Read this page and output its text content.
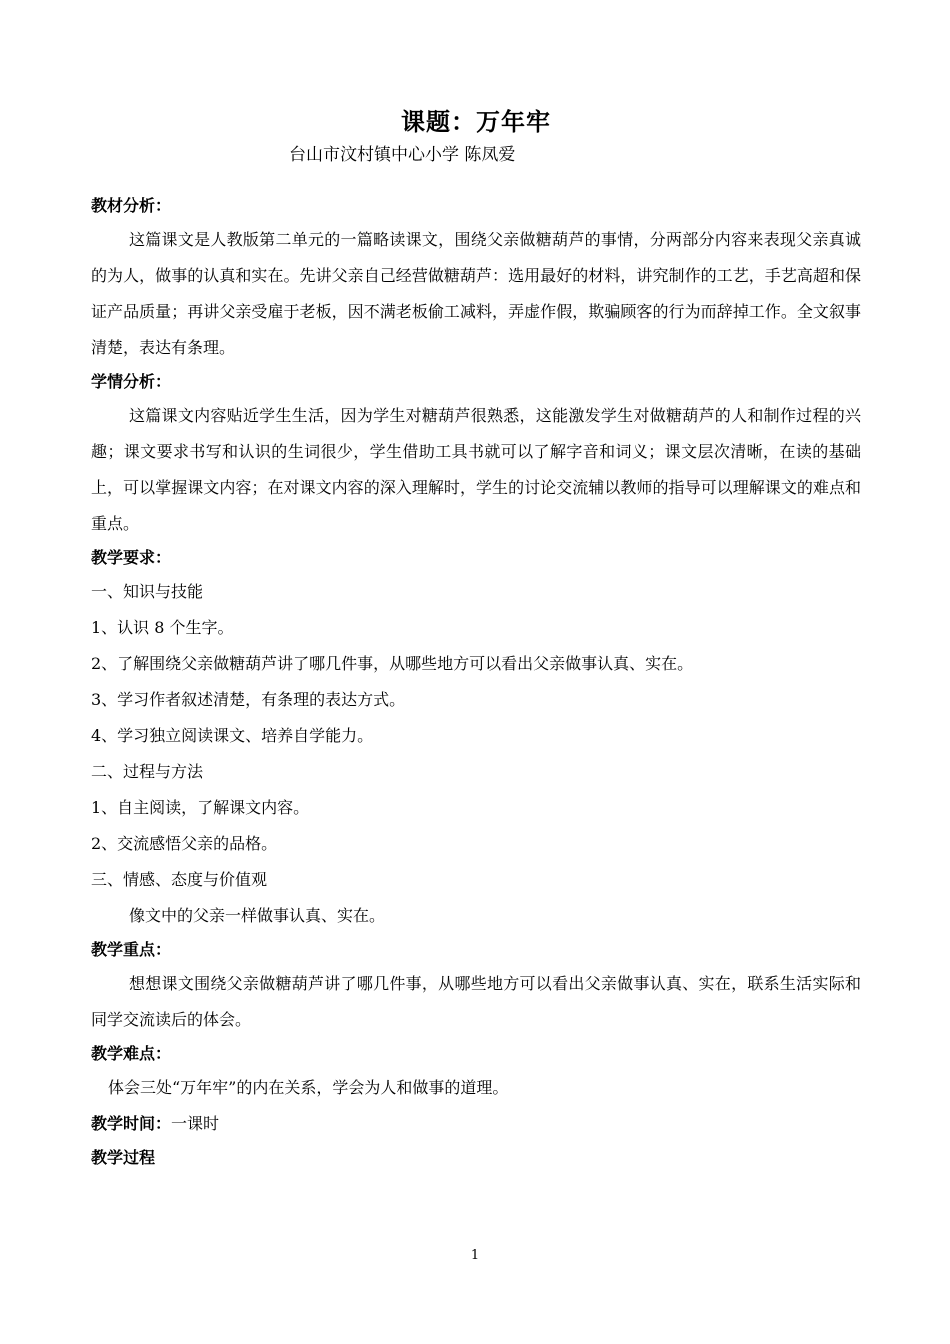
课题：万年牢

台山市汶村镇中心小学 陈凤爱

教材分析：

这篇课文是人教版第二单元的一篇略读课文，围绕父亲做糖葫芦的事情，分两部分内容来表现父亲真诚的为人，做事的认真和实在。先讲父亲自己经营做糖葫芦：选用最好的材料，讲究制作的工艺，手艺高超和保证产品质量；再讲父亲受雇于老板，因不满老板偷工减料，弄虚作假，欺骗顾客的行为而辞掉工作。全文叙事清楚，表达有条理。

学情分析：

这篇课文内容贴近学生生活，因为学生对糖葫芦很熟悉，这能激发学生对做糖葫芦的人和制作过程的兴趣；课文要求书写和认识的生词很少，学生借助工具书就可以了解字音和词义；课文层次清晰，在读的基础上，可以掌握课文内容；在对课文内容的深入理解时，学生的讨论交流辅以教师的指导可以理解课文的难点和重点。

教学要求：

一、知识与技能

1、认识 8 个生字。

2、了解围绕父亲做糖葫芦讲了哪几件事，从哪些地方可以看出父亲做事认真、实在。

3、学习作者叙述清楚，有条理的表达方式。

4、学习独立阅读课文、培养自学能力。

二、过程与方法

1、自主阅读，了解课文内容。

2、交流感悟父亲的品格。

三、情感、态度与价值观

像文中的父亲一样做事认真、实在。

教学重点：

想想课文围绕父亲做糖葫芦讲了哪几件事，从哪些地方可以看出父亲做事认真、实在，联系生活实际和同学交流读后的体会。

教学难点：

体会三处“万年牢”的内在关系，学会为人和做事的道理。

教学时间：一课时

教学过程

1
